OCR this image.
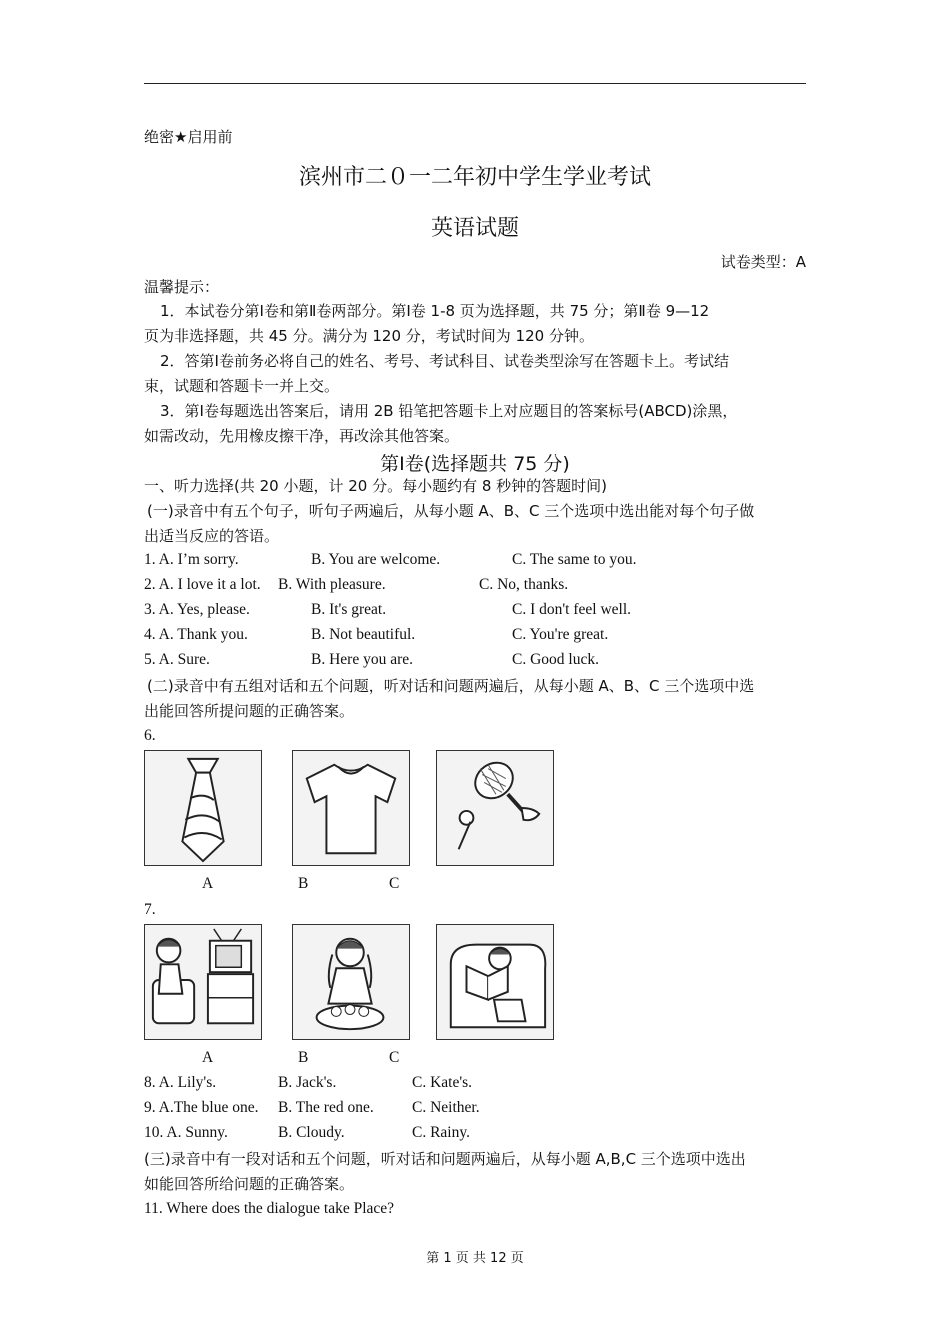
绝密★启用前
滨州市二０一二年初中学生学业考试
英语试题
试卷类型：A
温馨提示：
1．本试卷分第Ⅰ卷和第Ⅱ卷两部分。第Ⅰ卷 1-8 页为选择题，共 75 分；第Ⅱ卷 9—12
页为非选择题，共 45 分。满分为 120 分，考试时间为 120 分钟。
2．答第Ⅰ卷前务必将自己的姓名、考号、考试科目、试卷类型涂写在答题卡上。考试结
束，试题和答题卡一并上交。
3．第Ⅰ卷每题选出答案后，请用 2B 铅笔把答题卡上对应题目的答案标号(ABCD)涂黑，
如需改动，先用橡皮擦干净，再改涂其他答案。
第Ⅰ卷(选择题共 75 分)
一、听力选择(共 20 小题，计 20 分。每小题约有 8 秒钟的答题时间)
(一)录音中有五个句子，听句子两遍后，从每小题 A、B、C 三个选项中选出能对每个句子做
出适当反应的答语。
1. A. I’m sorry.	B. You are welcome.	C. The same to you.
2. A. I love it a lot. B. With pleasure.	C. No, thanks.
3. A. Yes, please.	B. It's great.	C. I don't feel well.
4. A. Thank you.	B. Not beautiful.	C. You're great.
5. A. Sure.	B. Here you are.	C. Good luck.
(二)录音中有五组对话和五个问题，听对话和问题两遍后，从每小题 A、B、C 三个选项中选
出能回答所提问题的正确答案。
6.
A	B	C
7.
A	B	C
8. A. Lily's.	B. Jack's.	C. Kate's.
9. A.The blue one. B. The red one. C. Neither.
10. A. Sunny.	B. Cloudy.	C. Rainy.
(三)录音中有一段对话和五个问题，听对话和问题两遍后，从每小题 A,B,C 三个选项中选出
如能回答所给问题的正确答案。
11. Where does the dialogue take Place?
第 1 页 共 12 页
